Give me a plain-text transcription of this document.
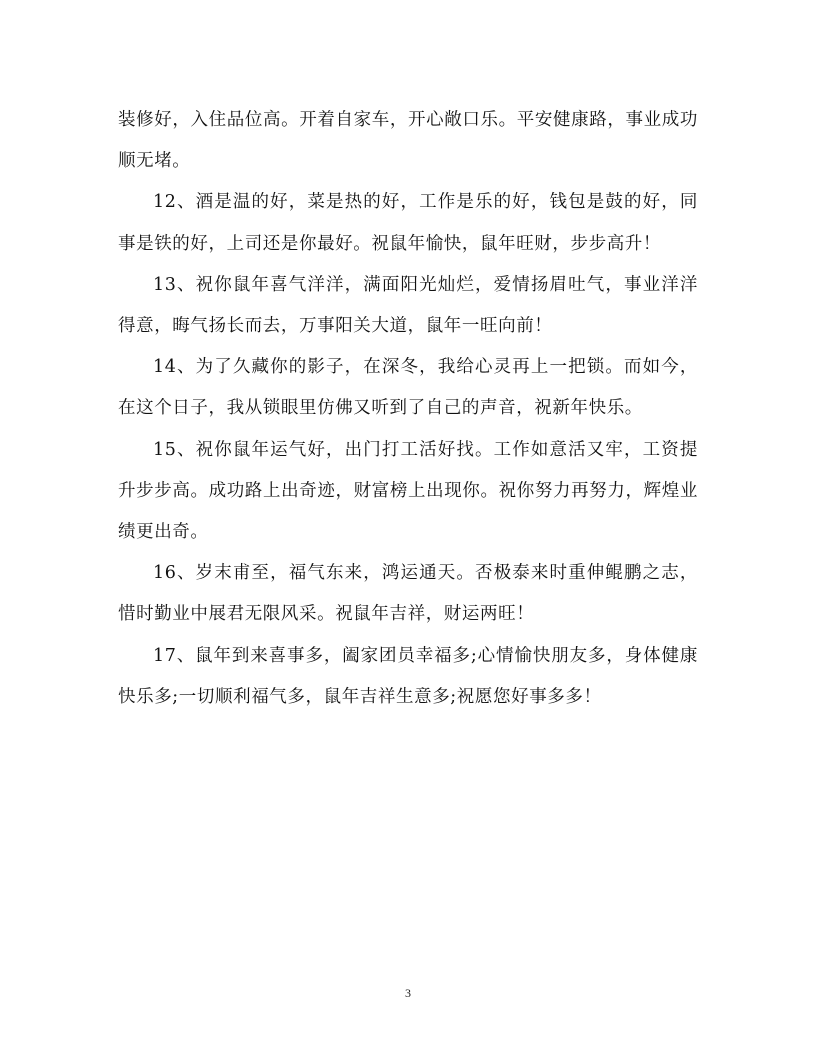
装修好，入住品位高。开着自家车，开心敞口乐。平安健康路，事业成功顺无堵。

12、酒是温的好，菜是热的好，工作是乐的好，钱包是鼓的好，同事是铁的好，上司还是你最好。祝鼠年愉快，鼠年旺财，步步高升！

13、祝你鼠年喜气洋洋，满面阳光灿烂，爱情扬眉吐气，事业洋洋得意，晦气扬长而去，万事阳关大道，鼠年一旺向前！

14、为了久藏你的影子，在深冬，我给心灵再上一把锁。而如今，在这个日子，我从锁眼里仿佛又听到了自己的声音，祝新年快乐。

15、祝你鼠年运气好，出门打工活好找。工作如意活又牢，工资提升步步高。成功路上出奇迹，财富榜上出现你。祝你努力再努力，辉煌业绩更出奇。

16、岁末甫至，福气东来，鸿运通天。否极泰来时重伸鲲鹏之志，惜时勤业中展君无限风采。祝鼠年吉祥，财运两旺！

17、鼠年到来喜事多，阖家团员幸福多;心情愉快朋友多，身体健康快乐多;一切顺利福气多，鼠年吉祥生意多;祝愿您好事多多！

3
